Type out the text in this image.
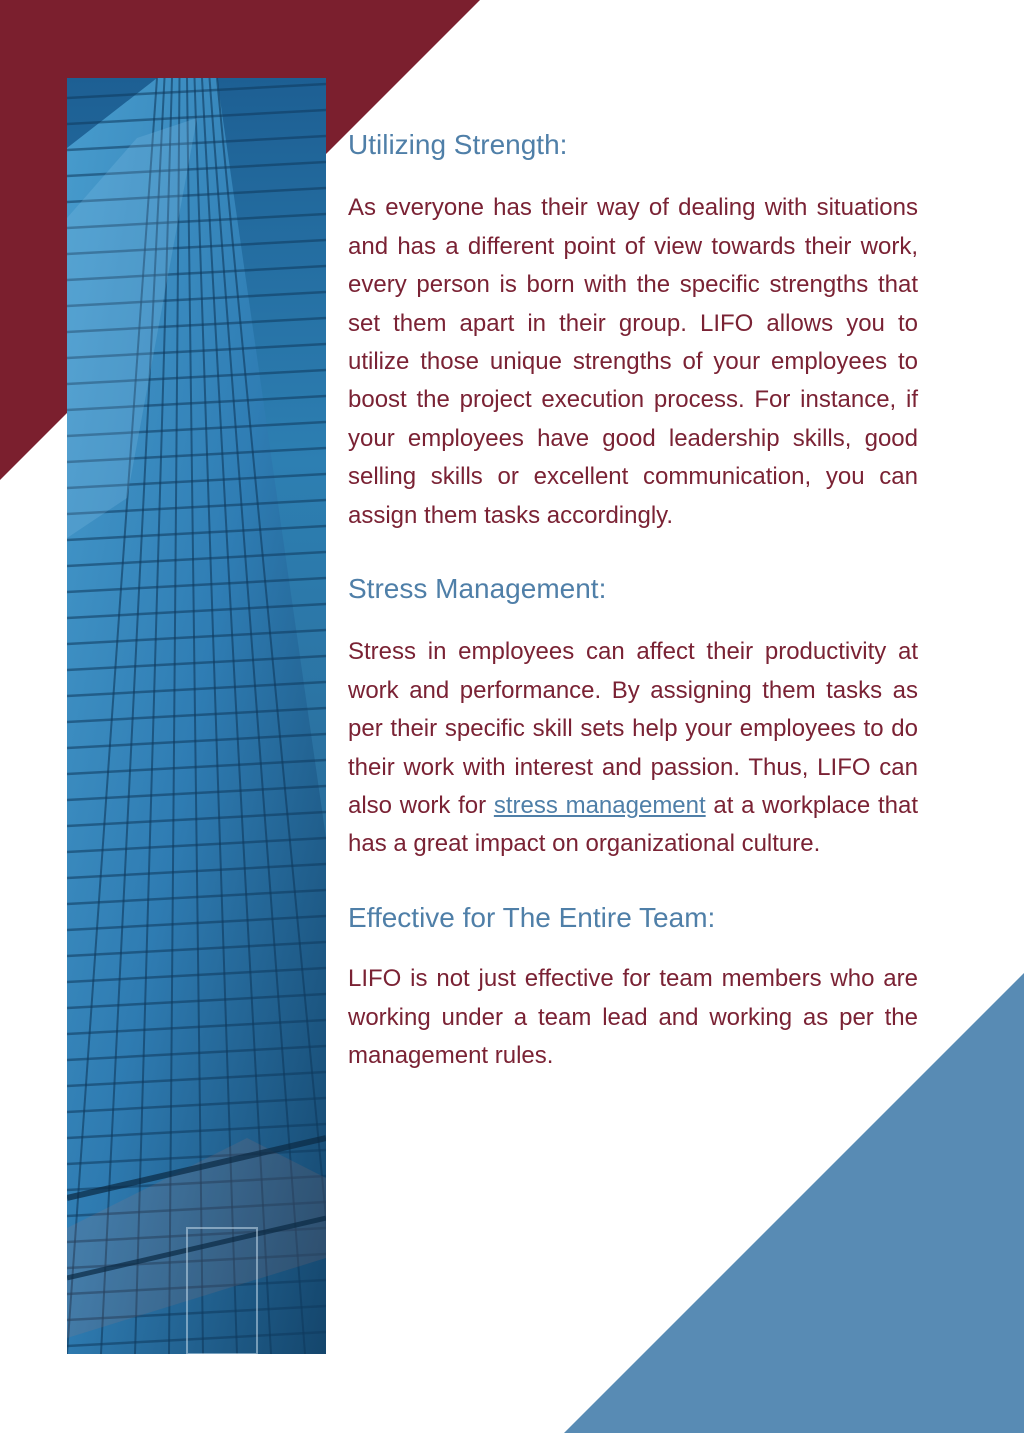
Utilizing Strength:

As everyone has their way of dealing with situations and has a different point of view towards their work, every person is born with the specific strengths that set them apart in their group. LIFO allows you to utilize those unique strengths of your employees to boost the project execution process. For instance, if your employees have good leadership skills, good selling skills or excellent communication, you can assign them tasks accordingly.

Stress Management:

Stress in employees can affect their productivity at work and performance. By assigning them tasks as per their specific skill sets help your employees to do their work with interest and passion. Thus, LIFO can also work for stress management at a workplace that has a great impact on organizational culture.

Effective for The Entire Team:

LIFO is not just effective for team members who are working under a team lead and working as per the management rules.
